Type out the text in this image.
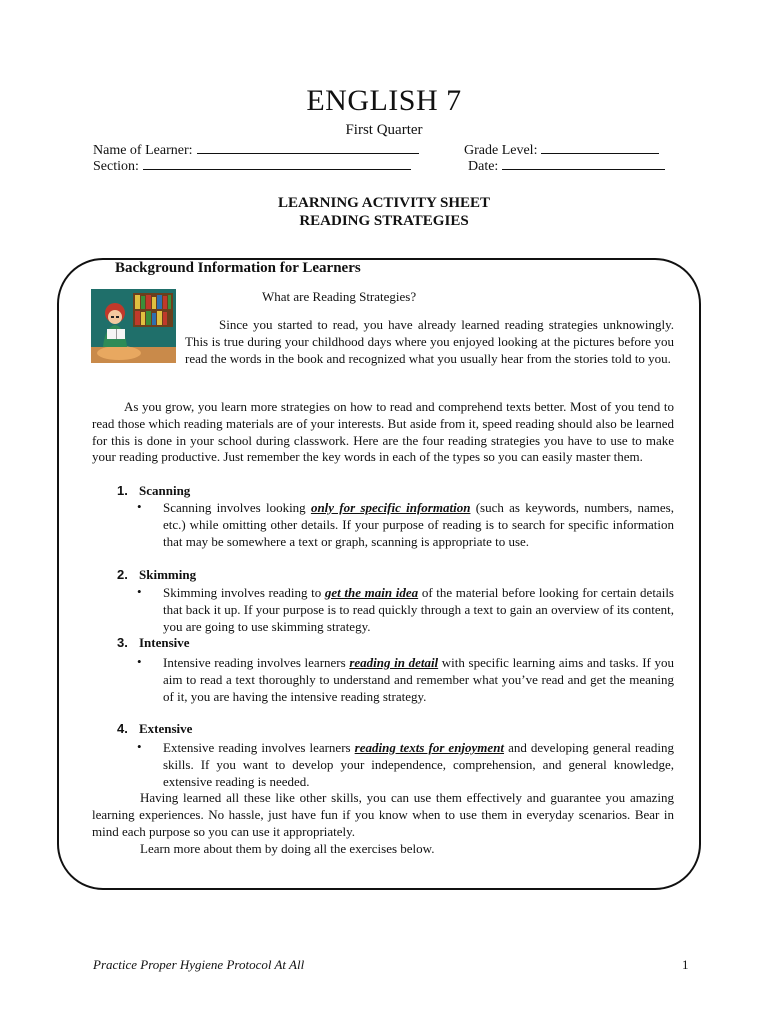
ENGLISH 7
First Quarter
Name of Learner:	Grade Level:
Section:	Date:
LEARNING ACTIVITY SHEET
READING STRATEGIES
Background Information for Learners
What are Reading Strategies?
Since you started to read, you have already learned reading strategies unknowingly. This is true during your childhood days where you enjoyed looking at the pictures before you read the words in the book and recognized what you usually hear from the stories told to you.
As you grow, you learn more strategies on how to read and comprehend texts better. Most of you tend to read those which reading materials are of your interests. But aside from it, speed reading should also be learned for this is done in your school during classwork. Here are the four reading strategies you have to use to make your reading productive. Just remember the key words in each of the types so you can easily master them.
1. Scanning
• Scanning involves looking only for specific information (such as keywords, numbers, names, etc.) while omitting other details. If your purpose of reading is to search for specific information that may be somewhere a text or graph, scanning is appropriate to use.
2. Skimming
• Skimming involves reading to get the main idea of the material before looking for certain details that back it up. If your purpose is to read quickly through a text to gain an overview of its content, you are going to use skimming strategy.
3. Intensive
• Intensive reading involves learners reading in detail with specific learning aims and tasks. If you aim to read a text thoroughly to understand and remember what you’ve read and get the meaning of it, you are having the intensive reading strategy.
4. Extensive
• Extensive reading involves learners reading texts for enjoyment and developing general reading skills. If you want to develop your independence, comprehension, and general knowledge, extensive reading is needed.
Having learned all these like other skills, you can use them effectively and guarantee you amazing learning experiences. No hassle, just have fun if you know when to use them in everyday scenarios. Bear in mind each purpose so you can use it appropriately.
Learn more about them by doing all the exercises below.
Practice Proper Hygiene Protocol At All	1
